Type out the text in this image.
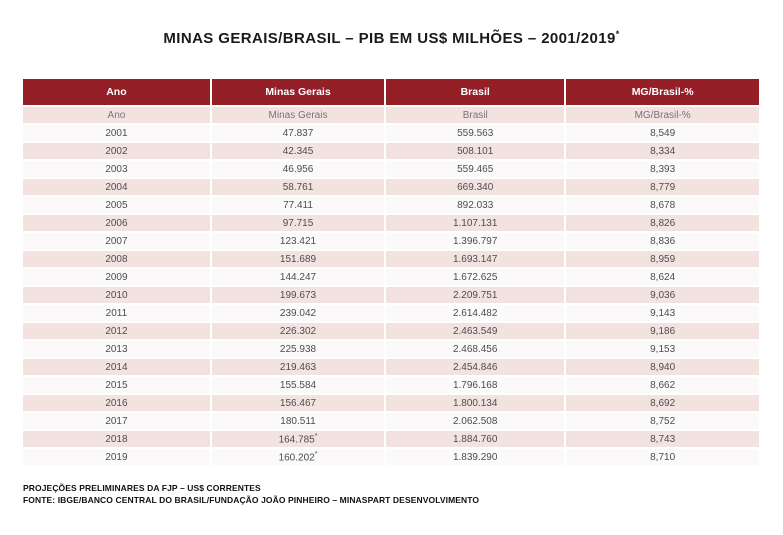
MINAS GERAIS/BRASIL – PIB EM US$ MILHÕES – 2001/2019*
Ano	Minas Gerais	Brasil	MG/Brasil-%
Ano	Minas Gerais	Brasil	MG/Brasil-%
2001	47.837	559.563	8,549
2002	42.345	508.101	8,334
2003	46.956	559.465	8,393
2004	58.761	669.340	8,779
2005	77.411	892.033	8,678
2006	97.715	1.107.131	8,826
2007	123.421	1.396.797	8,836
2008	151.689	1.693.147	8,959
2009	144.247	1.672.625	8,624
2010	199.673	2.209.751	9,036
2011	239.042	2.614.482	9,143
2012	226.302	2.463.549	9,186
2013	225.938	2.468.456	9,153
2014	219.463	2.454.846	8,940
2015	155.584	1.796.168	8,662
2016	156.467	1.800.134	8,692
2017	180.511	2.062.508	8,752
2018	164.785*	1.884.760	8,743
2019	160.202*	1.839.290	8,710
PROJEÇÕES PRELIMINARES DA FJP – US$ CORRENTES
FONTE: IBGE/BANCO CENTRAL DO BRASIL/FUNDAÇÃO JOÃO PINHEIRO – MINASPART DESENVOLVIMENTO
